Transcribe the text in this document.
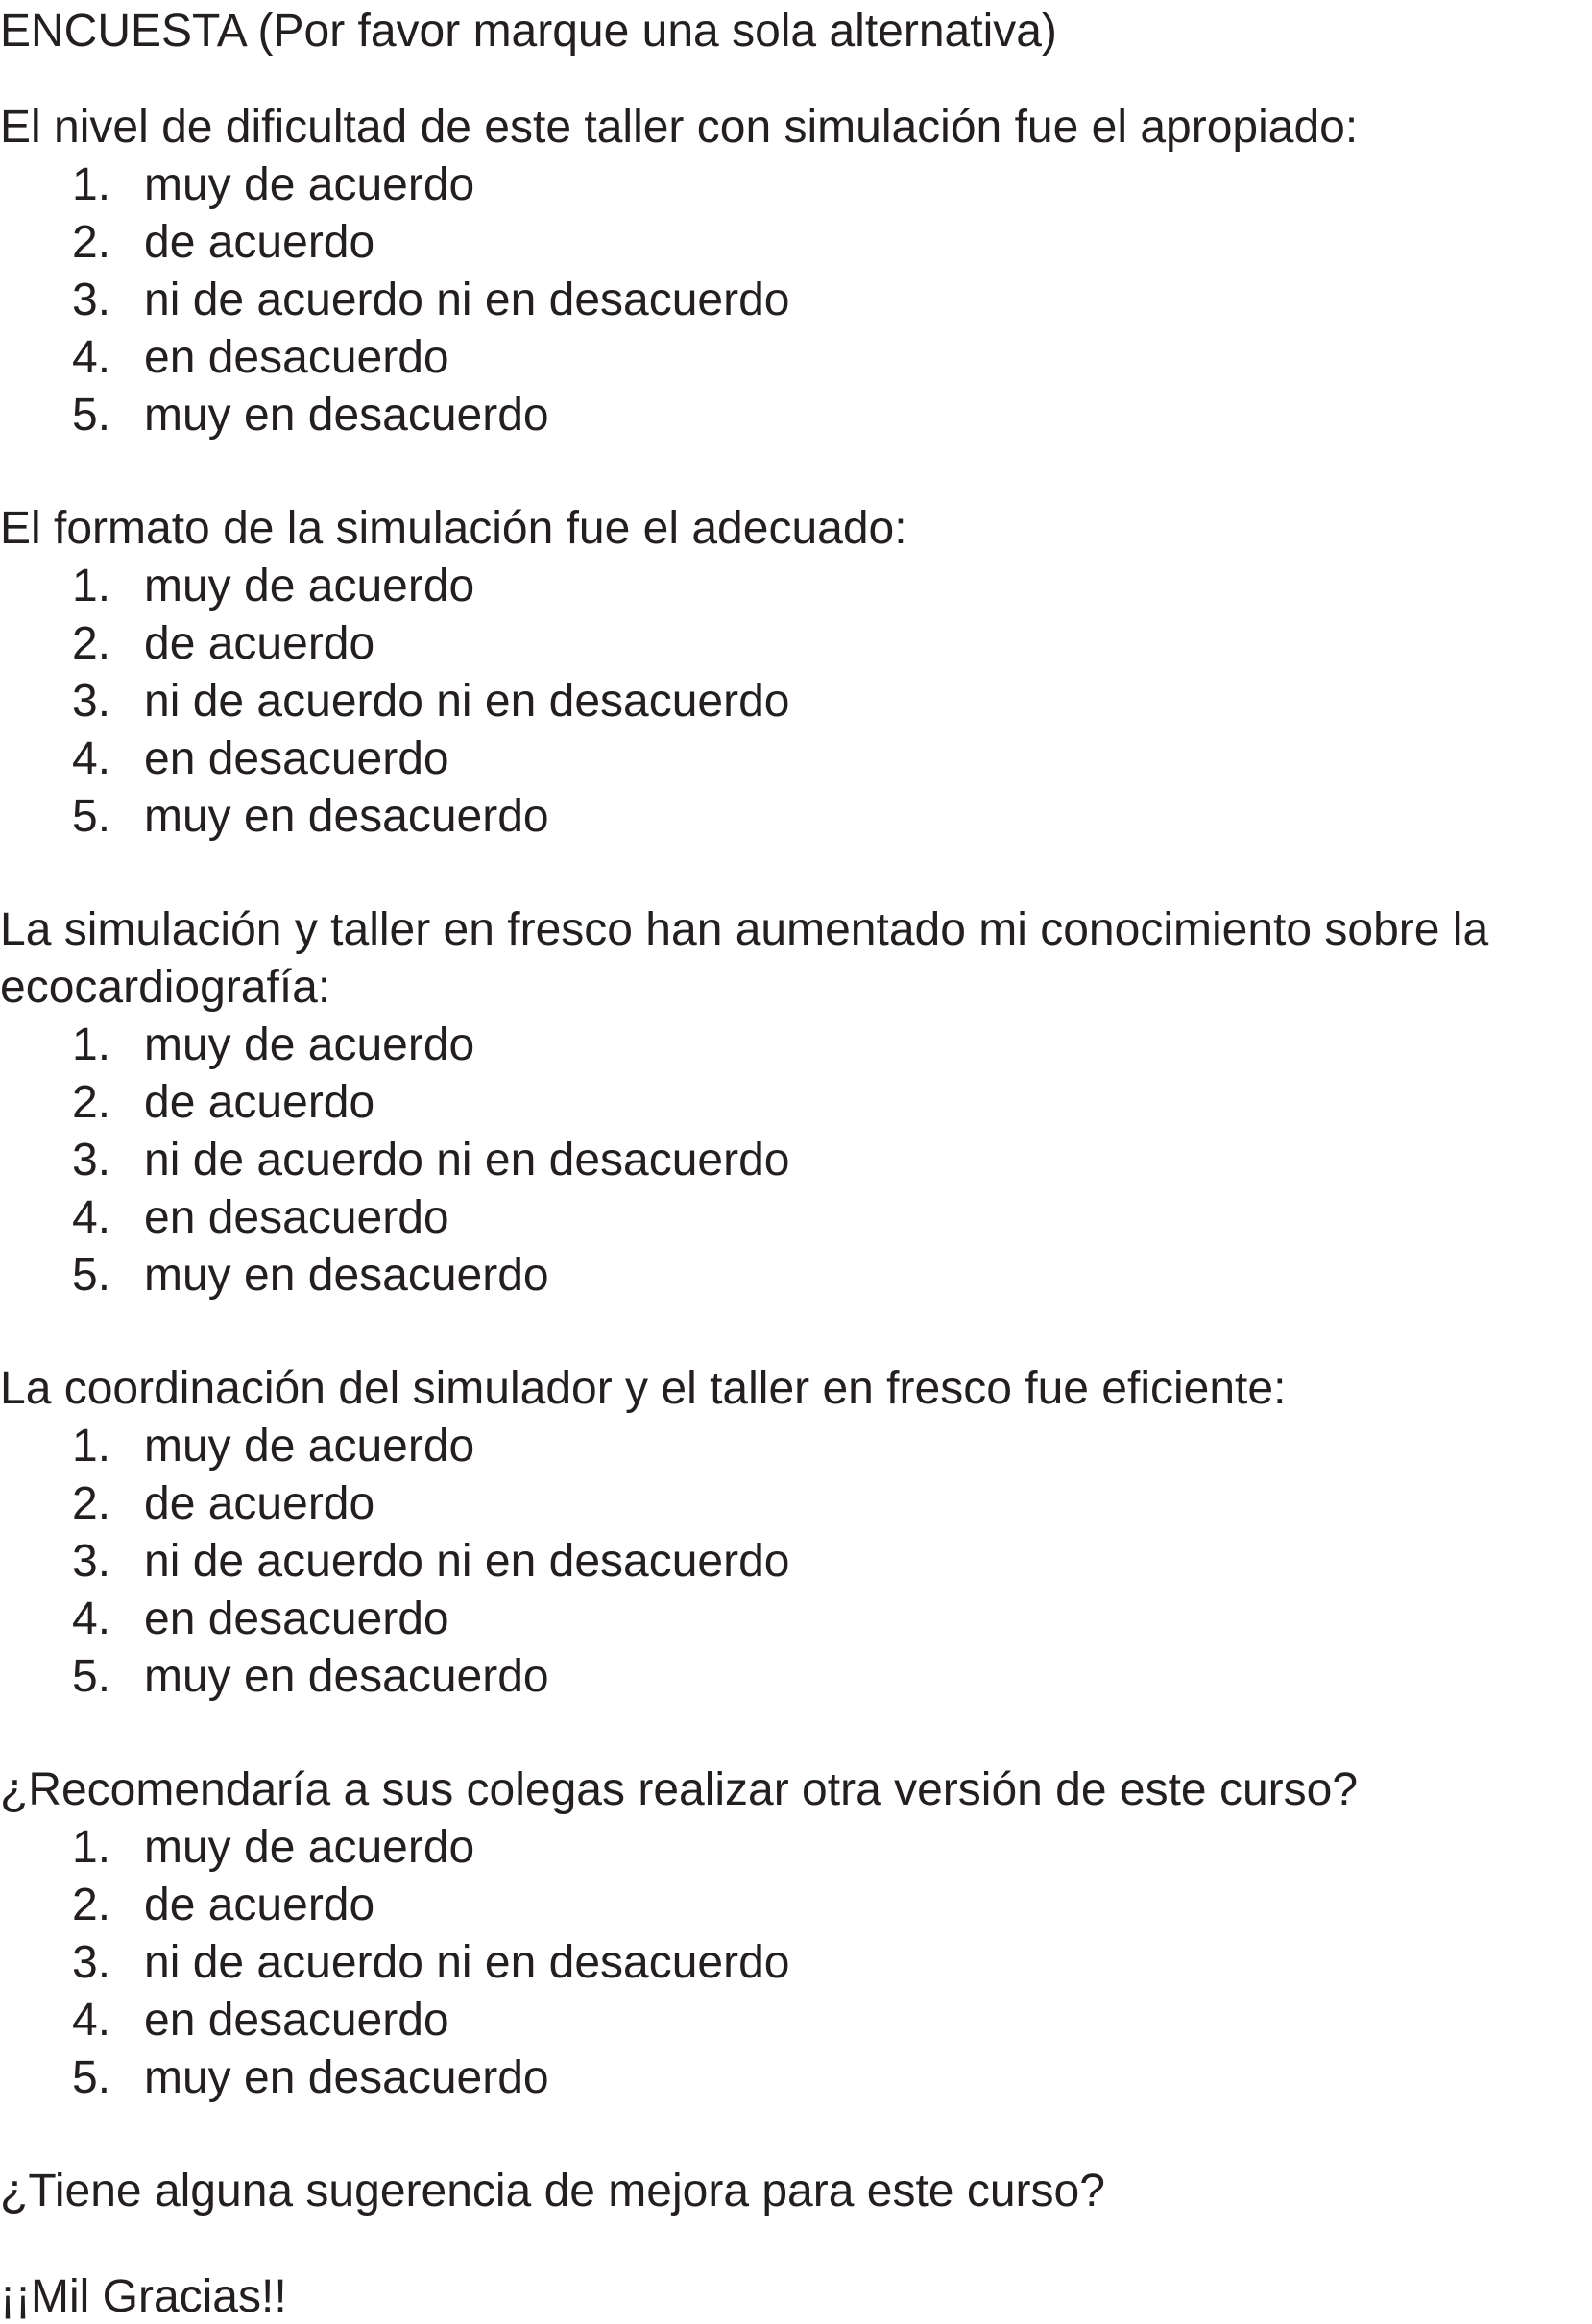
ENCUESTA (Por favor marque una sola alternativa)
El nivel de dificultad de este taller con simulación fue el apropiado:
1. muy de acuerdo
2. de acuerdo
3. ni de acuerdo ni en desacuerdo
4. en desacuerdo
5. muy en desacuerdo
El formato de la simulación fue el adecuado:
1. muy de acuerdo
2. de acuerdo
3. ni de acuerdo ni en desacuerdo
4. en desacuerdo
5. muy en desacuerdo
La simulación y taller en fresco han aumentado mi conocimiento sobre la
ecocardiografía:
1. muy de acuerdo
2. de acuerdo
3. ni de acuerdo ni en desacuerdo
4. en desacuerdo
5. muy en desacuerdo
La coordinación del simulador y el taller en fresco fue eficiente:
1. muy de acuerdo
2. de acuerdo
3. ni de acuerdo ni en desacuerdo
4. en desacuerdo
5. muy en desacuerdo
¿Recomendaría a sus colegas realizar otra versión de este curso?
1. muy de acuerdo
2. de acuerdo
3. ni de acuerdo ni en desacuerdo
4. en desacuerdo
5. muy en desacuerdo
¿Tiene alguna sugerencia de mejora para este curso?
¡¡Mil Gracias!!
